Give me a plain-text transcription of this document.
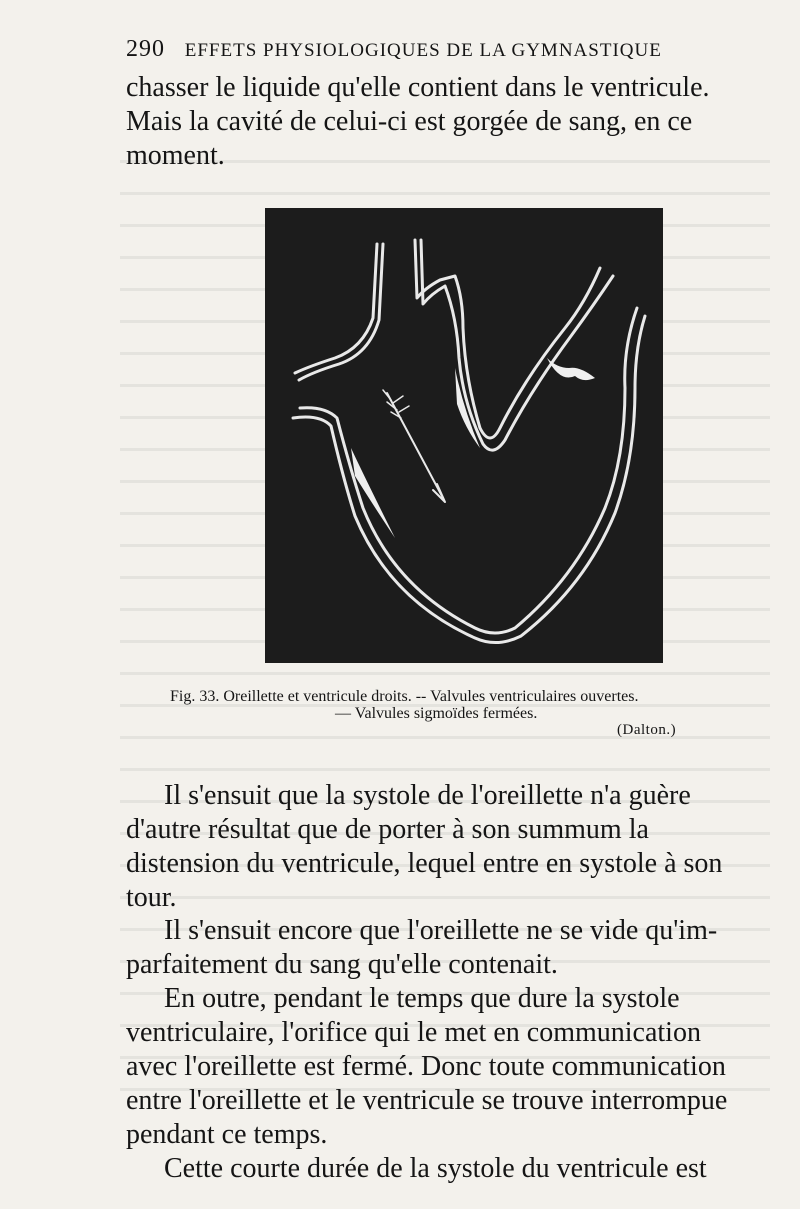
290 EFFETS PHYSIOLOGIQUES DE LA GYMNASTIQUE
chasser le liquide qu'elle contient dans le ventricule.
Mais la cavité de celui-ci est gorgée de sang, en ce
moment.
Fig. 33. Oreillette et ventricule droits. -- Valvules ventriculaires ouvertes.
— Valvules sigmoïdes fermées.
(Dalton.)
Il s'ensuit que la systole de l'oreillette n'a guère
d'autre résultat que de porter à son summum la
distension du ventricule, lequel entre en systole à son
tour.
Il s'ensuit encore que l'oreillette ne se vide qu'im-
parfaitement du sang qu'elle contenait.
En outre, pendant le temps que dure la systole
ventriculaire, l'orifice qui le met en communication
avec l'oreillette est fermé. Donc toute communication
entre l'oreillette et le ventricule se trouve interrompue
pendant ce temps.
Cette courte durée de la systole du ventricule est
